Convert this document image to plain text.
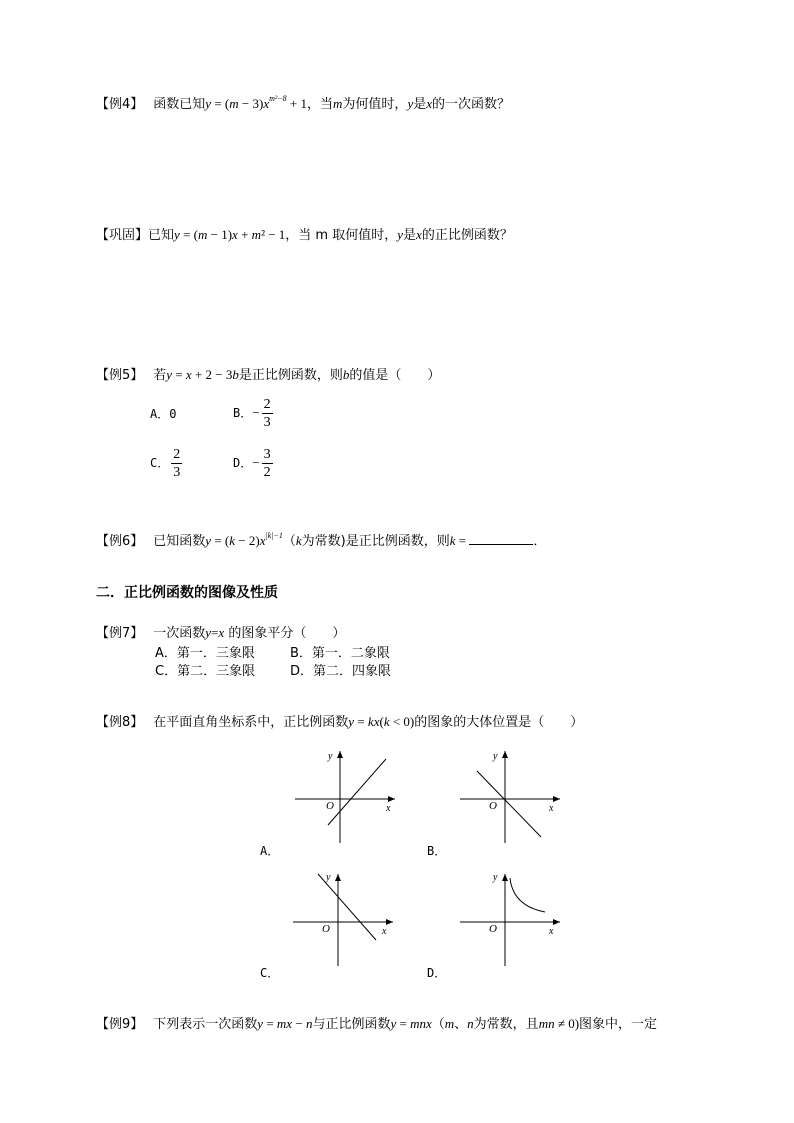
【例4】 函数已知$y = (m - 3)x^{m^2-8} + 1$，当m为何值时，y是x的一次函数？
【巩固】已知y = (m − 1)x + m² − 1，当 m 取何值时，y是x的正比例函数？
【例5】 若y = x + 2 − 3b是正比例函数，则b的值是（　　）
A．0	B．− $\frac{2}{3}$
C． $\frac{2}{3}$	D．− $\frac{3}{2}$
【例6】 已知函数$y = (k - 2)x^{|k|-1}(k$为常数)是正比例函数，则k =	．
二．正比例函数的图像及性质
【例7】 一次函数y=x 的图象平分（　　）
A．第一．三象限	B．第一．二象限
C．第二．三象限	D．第二．四象限
【例8】 在平面直角坐标系中，正比例函数y = kx(k < 0)的图象的大体位置是（　　）
y
x
O
A．
y
x
O
B．
y
x
O
C．
y
x
O
D．
【例9】 下列表示一次函数y = mx − n与正比例函数y = mnx（m、n为常数，且mn ≠ 0)图象中，一定
